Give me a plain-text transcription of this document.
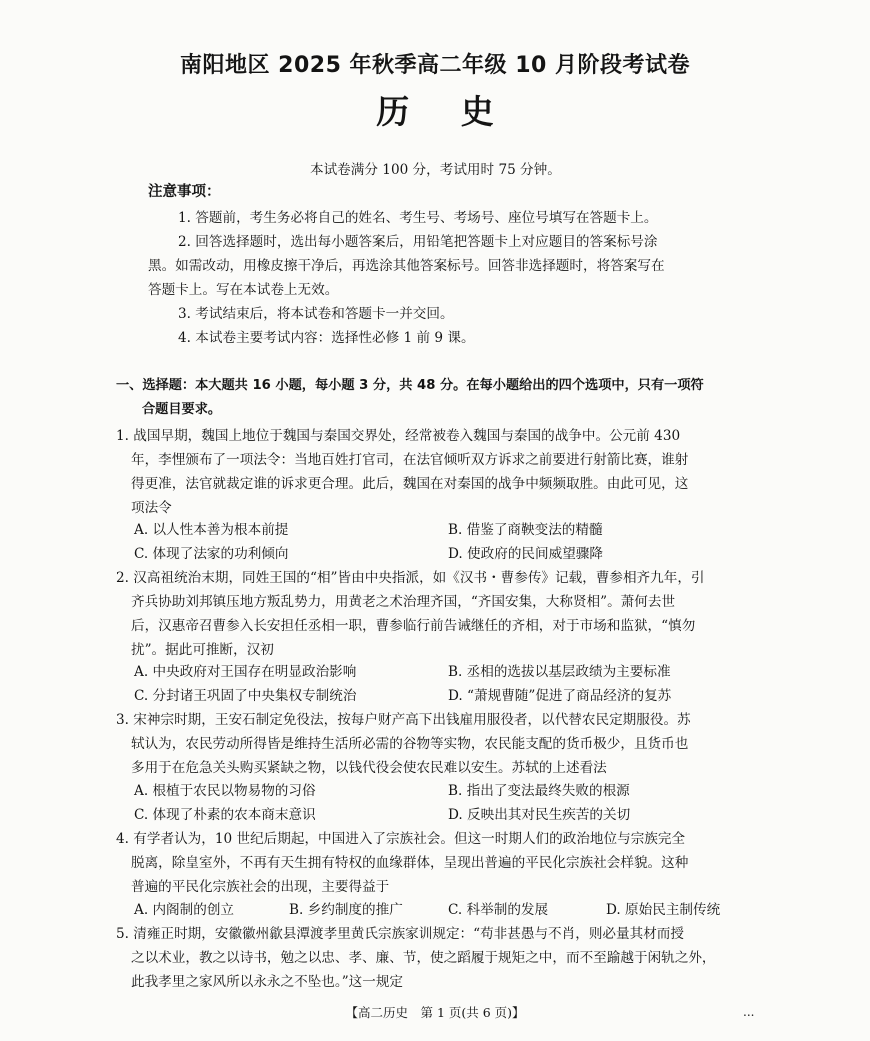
南阳地区 2025 年秋季高二年级 10 月阶段考试卷
历 史
本试卷满分 100 分，考试用时 75 分钟。
注意事项：
1. 答题前，考生务必将自己的姓名、考生号、考场号、座位号填写在答题卡上。
2. 回答选择题时，选出每小题答案后，用铅笔把答题卡上对应题目的答案标号涂
黑。如需改动，用橡皮擦干净后，再选涂其他答案标号。回答非选择题时，将答案写在
答题卡上。写在本试卷上无效。
3. 考试结束后，将本试卷和答题卡一并交回。
4. 本试卷主要考试内容：选择性必修 1 前 9 课。
一、选择题：本大题共 16 小题，每小题 3 分，共 48 分。在每小题给出的四个选项中，只有一项符
合题目要求。
1. 战国早期，魏国上地位于魏国与秦国交界处，经常被卷入魏国与秦国的战争中。公元前 430
年，李悝颁布了一项法令：当地百姓打官司，在法官倾听双方诉求之前要进行射箭比赛，谁射
得更准，法官就裁定谁的诉求更合理。此后，魏国在对秦国的战争中频频取胜。由此可见，这
项法令
A. 以人性本善为根本前提	B. 借鉴了商鞅变法的精髓
C. 体现了法家的功利倾向	D. 使政府的民间威望骤降
2. 汉高祖统治末期，同姓王国的“相”皆由中央指派，如《汉书・曹参传》记载，曹参相齐九年，引
齐兵协助刘邦镇压地方叛乱势力，用黄老之术治理齐国，“齐国安集，大称贤相”。萧何去世
后，汉惠帝召曹参入长安担任丞相一职，曹参临行前告诫继任的齐相，对于市场和监狱，“慎勿
扰”。据此可推断，汉初
A. 中央政府对王国存在明显政治影响	B. 丞相的选拔以基层政绩为主要标准
C. 分封诸王巩固了中央集权专制统治	D. “萧规曹随”促进了商品经济的复苏
3. 宋神宗时期，王安石制定免役法，按每户财产高下出钱雇用服役者，以代替农民定期服役。苏
轼认为，农民劳动所得皆是维持生活所必需的谷物等实物，农民能支配的货币极少，且货币也
多用于在危急关头购买紧缺之物，以钱代役会使农民难以安生。苏轼的上述看法
A. 根植于农民以物易物的习俗	B. 指出了变法最终失败的根源
C. 体现了朴素的农本商末意识	D. 反映出其对民生疾苦的关切
4. 有学者认为，10 世纪后期起，中国进入了宗族社会。但这一时期人们的政治地位与宗族完全
脱离，除皇室外，不再有天生拥有特权的血缘群体，呈现出普遍的平民化宗族社会样貌。这种
普遍的平民化宗族社会的出现，主要得益于
A. 内阁制的创立	B. 乡约制度的推广	C. 科举制的发展	D. 原始民主制传统
5. 清雍正时期，安徽徽州歙县潭渡孝里黄氏宗族家训规定：“苟非甚愚与不肖，则必量其材而授
之以术业，教之以诗书，勉之以忠、孝、廉、节，使之蹈履于规矩之中，而不至踰越于闲轨之外，
此我孝里之家风所以永永之不坠也。”这一规定
【高二历史　第 1 页(共 6 页)】	...
